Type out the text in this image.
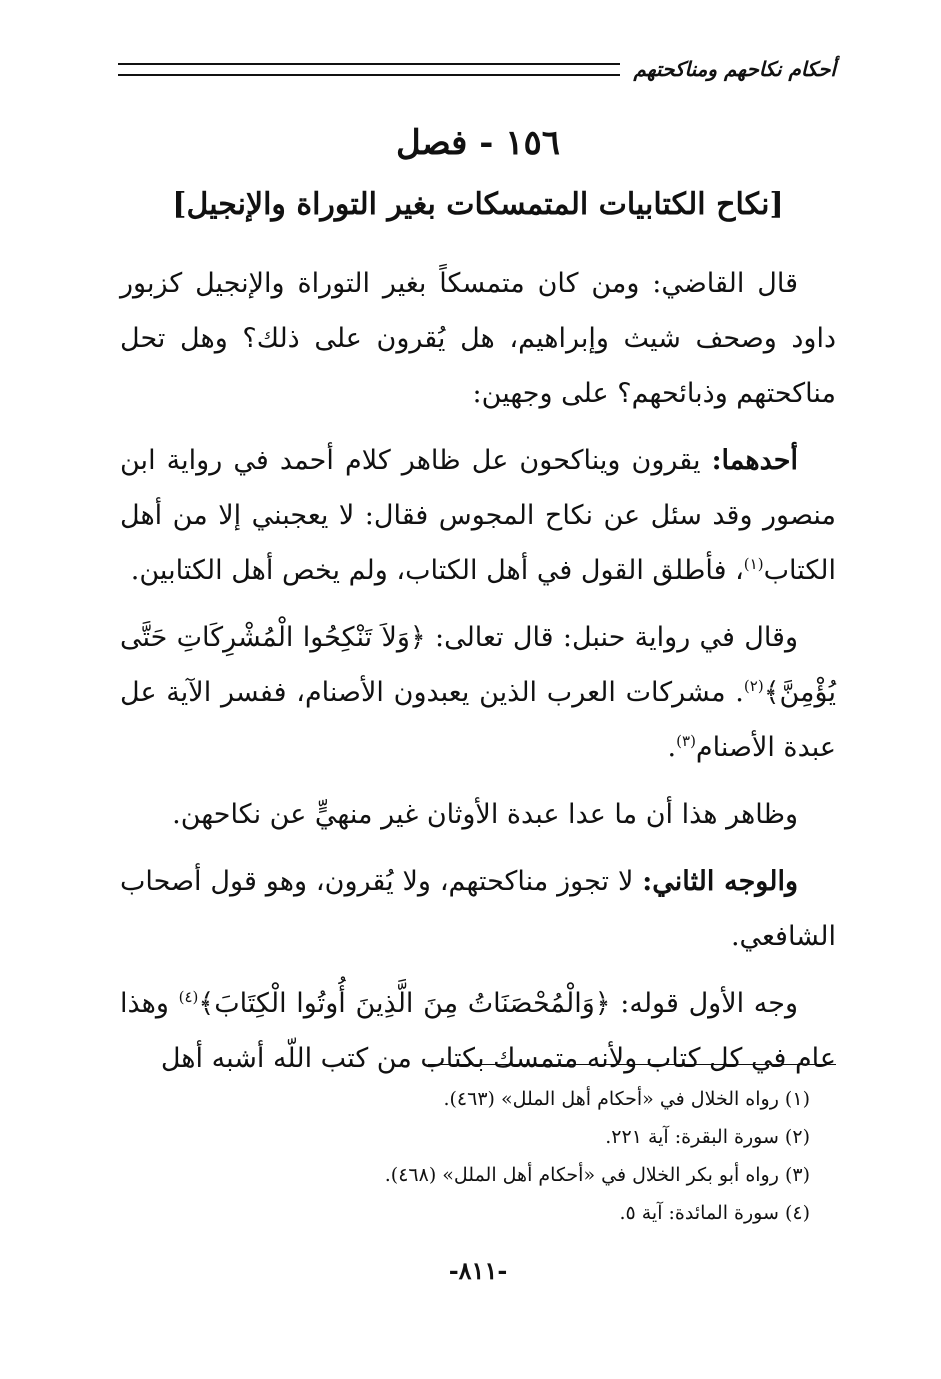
أحكام نكاحهم ومناكحتهم
١٥٦ - فصل
[نكاح الكتابيات المتمسكات بغير التوراة والإنجيل]

قال القاضي: ومن كان متمسكاً بغير التوراة والإنجيل كزبور داود وصحف شيث وإبراهيم، هل يُقرون على ذلك؟ وهل تحل مناكحتهم وذبائحهم؟ على وجهين:

أحدهما: يقرون ويناكحون عل ظاهر كلام أحمد في رواية ابن منصور وقد سئل عن نكاح المجوس فقال: لا يعجبني إلا من أهل الكتاب$^{(١)}$، فأطلق القول في أهل الكتاب، ولم يخص أهل الكتابين.

وقال في رواية حنبل: قال تعالى: ﴿وَلاَ تَنْكِحُوا الْمُشْرِكَاتِ حَتَّى يُؤْمِنَّ﴾$^{(٢)}$. مشركات العرب الذين يعبدون الأصنام، ففسر الآية عل عبدة الأصنام$^{(٣)}$.

وظاهر هذا أن ما عدا عبدة الأوثان غير منهيٍّ عن نكاحهن.

والوجه الثاني: لا تجوز مناكحتهم، ولا يُقرون، وهو قول أصحاب الشافعي.

وجه الأول قوله: ﴿وَالْمُحْصَنَاتُ مِنَ الَّذِينَ أُوتُوا الْكِتَابَ﴾$^{(٤)}$ وهذا عام في كل كتاب ولأنه متمسك بكتاب من كتب اللّه أشبه أهل

(١) رواه الخلال في «أحكام أهل الملل» (٤٦٣).
(٢) سورة البقرة: آية ٢٢١.
(٣) رواه أبو بكر الخلال في «أحكام أهل الملل» (٤٦٨).
(٤) سورة المائدة: آية ٥.
-٨١١-
